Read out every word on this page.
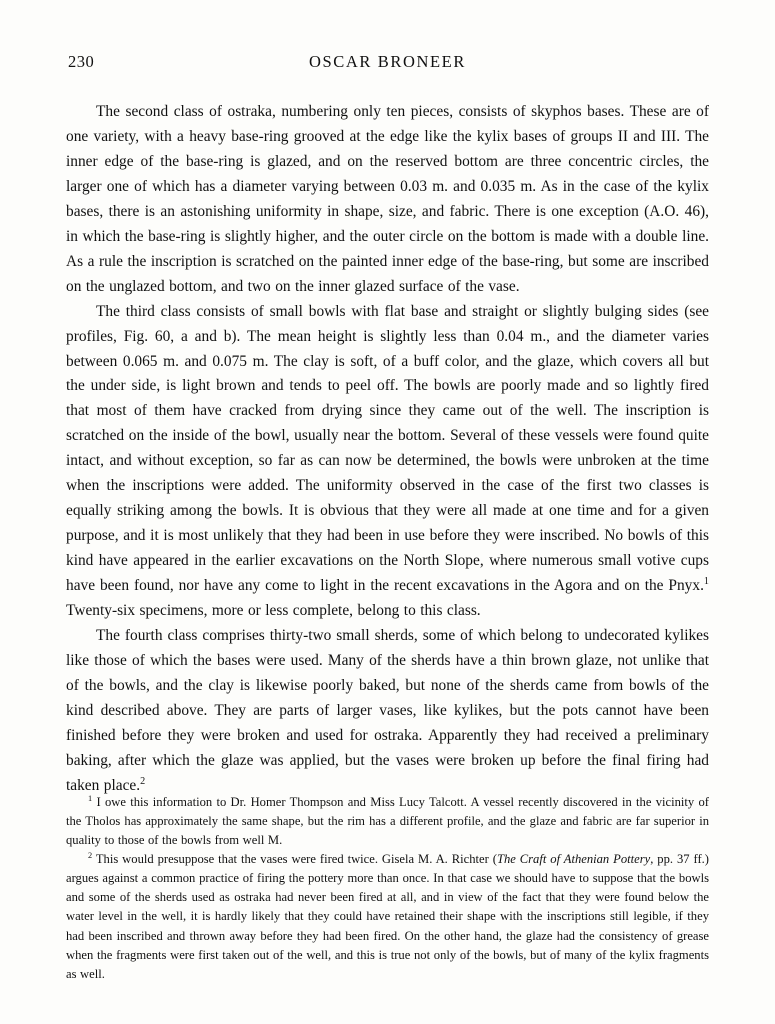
230	OSCAR BRONEER

The second class of ostraka, numbering only ten pieces, consists of skyphos bases. These are of one variety, with a heavy base-ring grooved at the edge like the kylix bases of groups II and III. The inner edge of the base-ring is glazed, and on the reserved bottom are three concentric circles, the larger one of which has a diameter varying between 0.03 m. and 0.035 m. As in the case of the kylix bases, there is an astonishing uniformity in shape, size, and fabric. There is one exception (A.O. 46), in which the base-ring is slightly higher, and the outer circle on the bottom is made with a double line. As a rule the inscription is scratched on the painted inner edge of the base-ring, but some are inscribed on the unglazed bottom, and two on the inner glazed surface of the vase.

The third class consists of small bowls with flat base and straight or slightly bulging sides (see profiles, Fig. 60, a and b). The mean height is slightly less than 0.04 m., and the diameter varies between 0.065 m. and 0.075 m. The clay is soft, of a buff color, and the glaze, which covers all but the under side, is light brown and tends to peel off. The bowls are poorly made and so lightly fired that most of them have cracked from drying since they came out of the well. The inscription is scratched on the inside of the bowl, usually near the bottom. Several of these vessels were found quite intact, and without exception, so far as can now be determined, the bowls were unbroken at the time when the inscriptions were added. The uniformity observed in the case of the first two classes is equally striking among the bowls. It is obvious that they were all made at one time and for a given purpose, and it is most unlikely that they had been in use before they were inscribed. No bowls of this kind have appeared in the earlier excavations on the North Slope, where numerous small votive cups have been found, nor have any come to light in the recent excavations in the Agora and on the Pnyx.$^1$ Twenty-six specimens, more or less complete, belong to this class.

The fourth class comprises thirty-two small sherds, some of which belong to undecorated kylikes like those of which the bases were used. Many of the sherds have a thin brown glaze, not unlike that of the bowls, and the clay is likewise poorly baked, but none of the sherds came from bowls of the kind described above. They are parts of larger vases, like kylikes, but the pots cannot have been finished before they were broken and used for ostraka. Apparently they had received a preliminary baking, after which the glaze was applied, but the vases were broken up before the final firing had taken place.$^2$

$^1$ I owe this information to Dr. Homer Thompson and Miss Lucy Talcott. A vessel recently discovered in the vicinity of the Tholos has approximately the same shape, but the rim has a different profile, and the glaze and fabric are far superior in quality to those of the bowls from well M.

$^2$ This would presuppose that the vases were fired twice. Gisela M. A. Richter (The Craft of Athenian Pottery, pp. 37 ff.) argues against a common practice of firing the pottery more than once. In that case we should have to suppose that the bowls and some of the sherds used as ostraka had never been fired at all, and in view of the fact that they were found below the water level in the well, it is hardly likely that they could have retained their shape with the inscriptions still legible, if they had been inscribed and thrown away before they had been fired. On the other hand, the glaze had the consistency of grease when the fragments were first taken out of the well, and this is true not only of the bowls, but of many of the kylix fragments as well.
